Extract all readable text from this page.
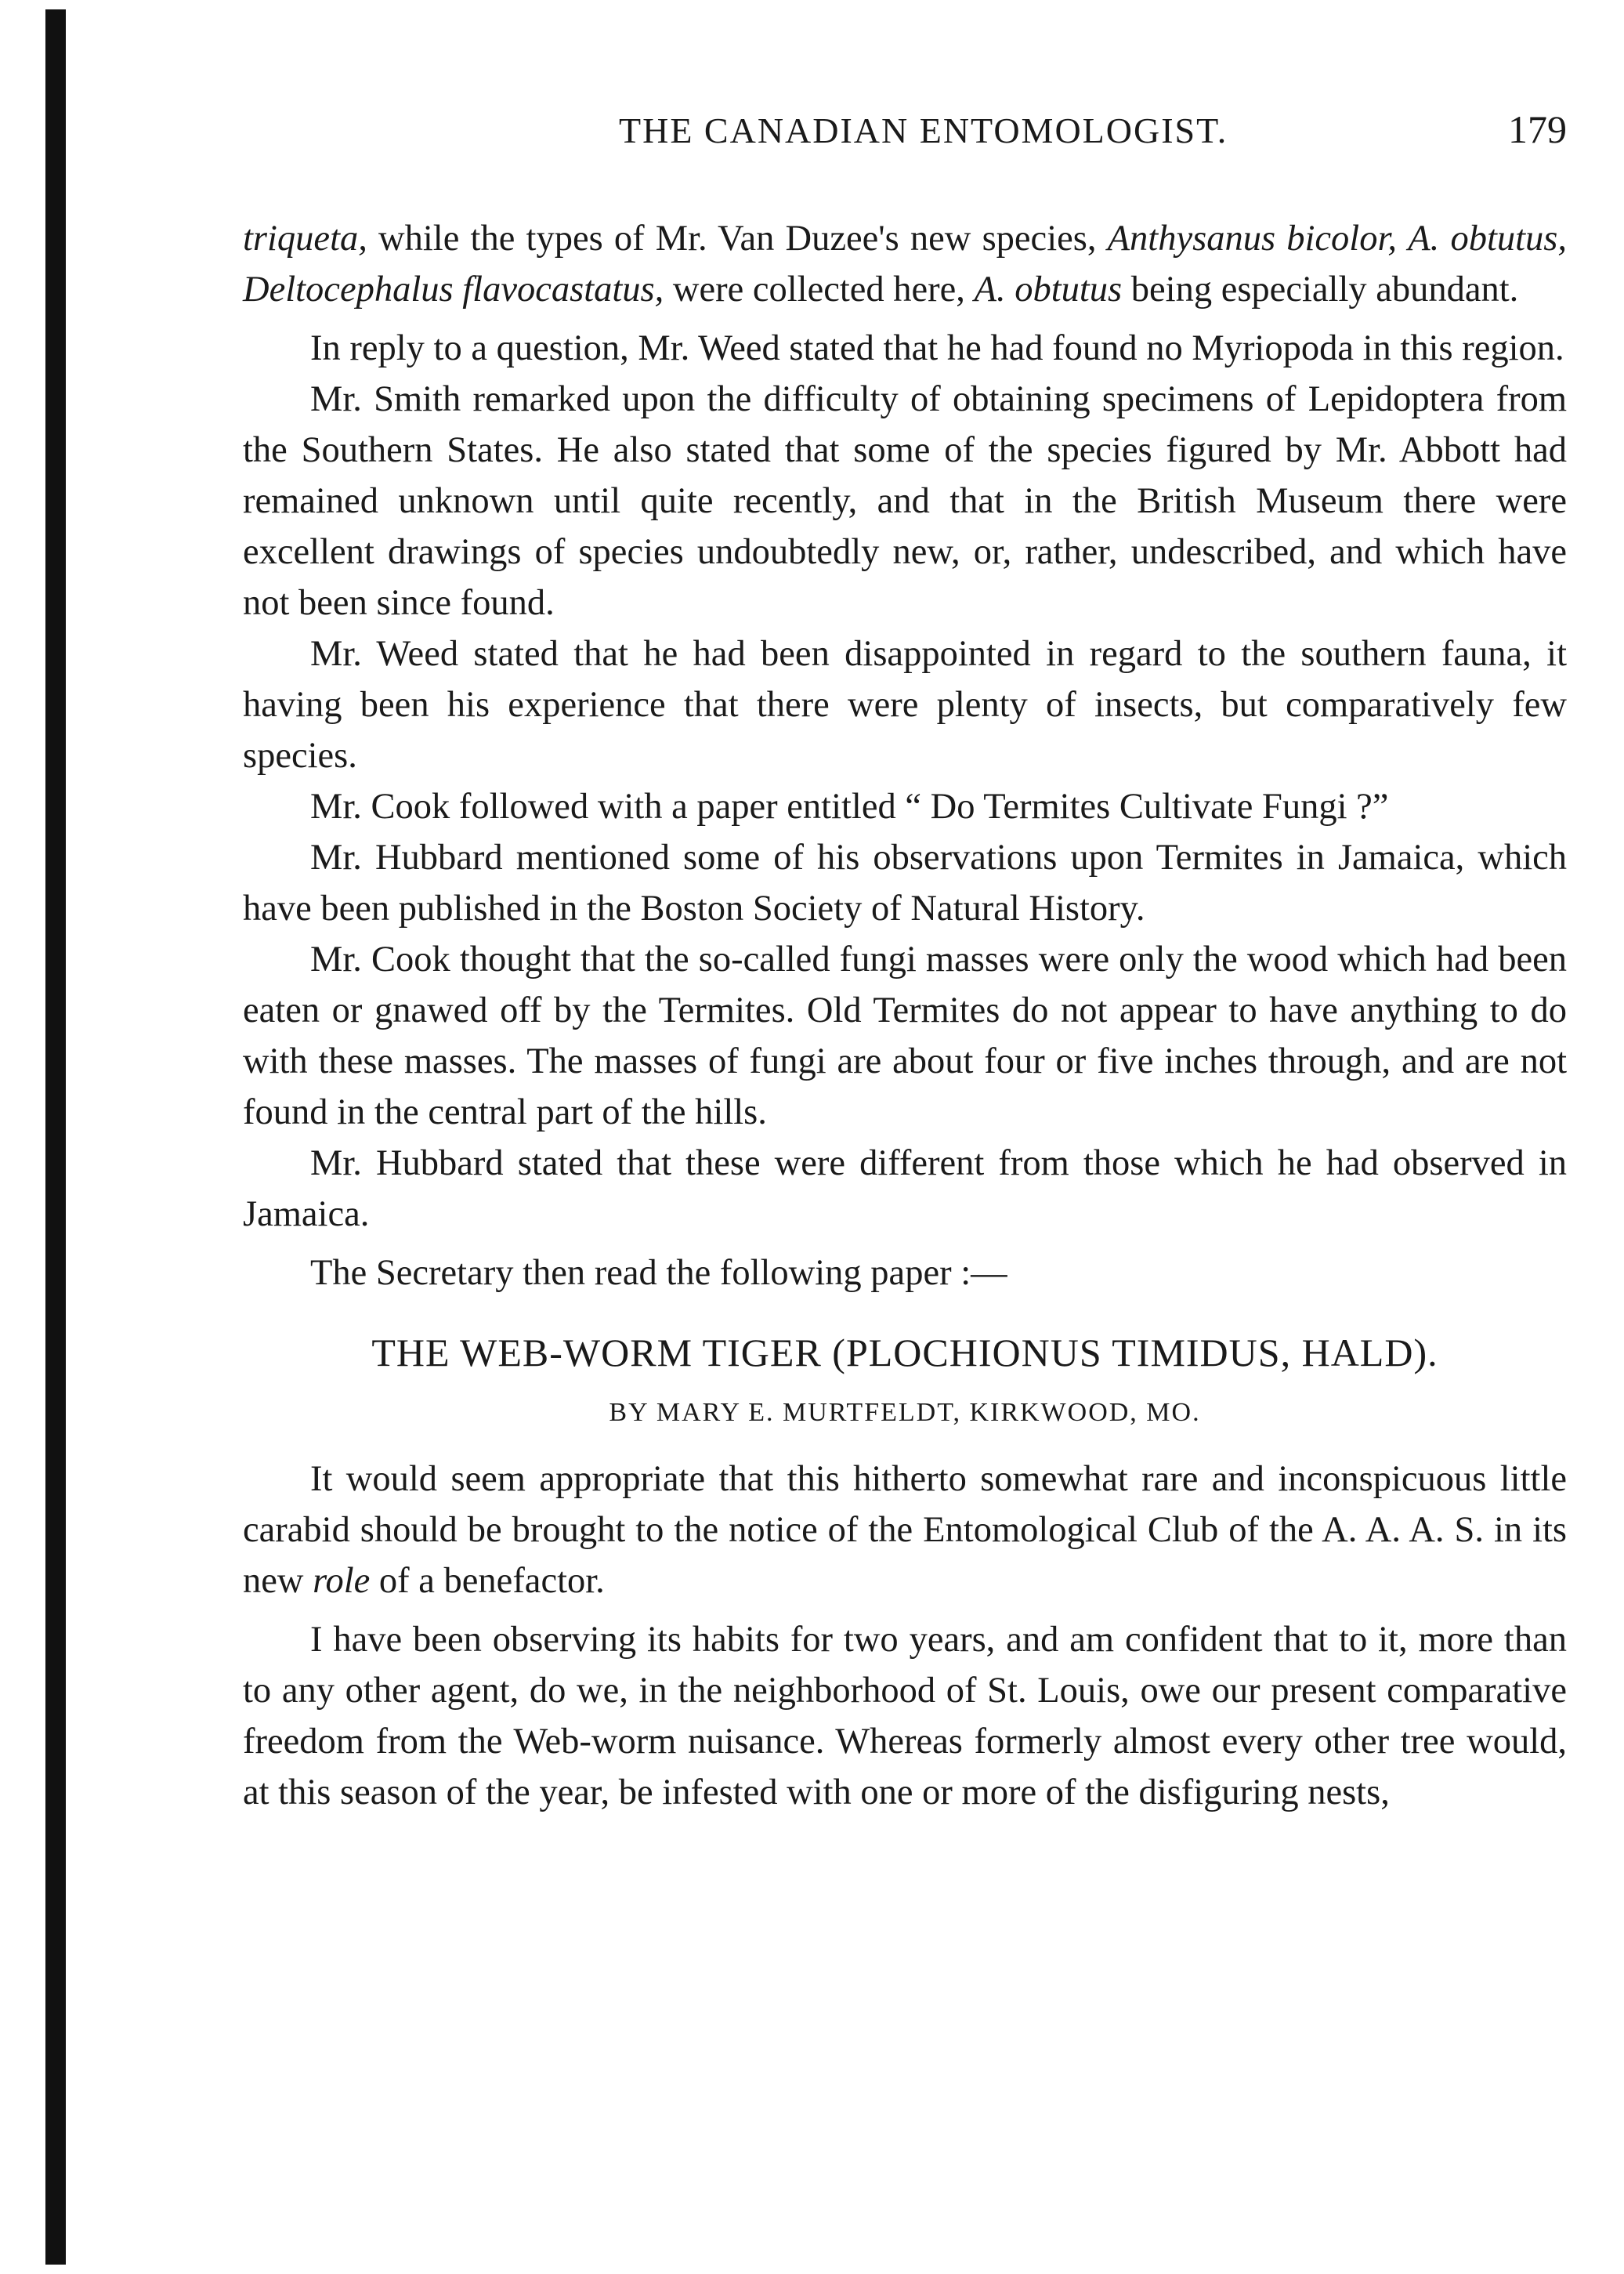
THE CANADIAN ENTOMOLOGIST.	179

triqueta, while the types of Mr. Van Duzee's new species, Anthysanus bicolor, A. obtutus, Deltocephalus flavocastatus, were collected here, A. obtutus being especially abundant.

In reply to a question, Mr. Weed stated that he had found no Myriopoda in this region.

Mr. Smith remarked upon the difficulty of obtaining specimens of Lepidoptera from the Southern States. He also stated that some of the species figured by Mr. Abbott had remained unknown until quite recently, and that in the British Museum there were excellent drawings of species undoubtedly new, or, rather, undescribed, and which have not been since found.

Mr. Weed stated that he had been disappointed in regard to the southern fauna, it having been his experience that there were plenty of insects, but comparatively few species.

Mr. Cook followed with a paper entitled “ Do Termites Cultivate Fungi ?”

Mr. Hubbard mentioned some of his observations upon Termites in Jamaica, which have been published in the Boston Society of Natural History.

Mr. Cook thought that the so-called fungi masses were only the wood which had been eaten or gnawed off by the Termites. Old Termites do not appear to have anything to do with these masses. The masses of fungi are about four or five inches through, and are not found in the central part of the hills.

Mr. Hubbard stated that these were different from those which he had observed in Jamaica.

The Secretary then read the following paper :—

THE WEB-WORM TIGER (PLOCHIONUS TIMIDUS, HALD).
BY MARY E. MURTFELDT, KIRKWOOD, MO.

It would seem appropriate that this hitherto somewhat rare and inconspicuous little carabid should be brought to the notice of the Entomological Club of the A. A. A. S. in its new role of a benefactor.

I have been observing its habits for two years, and am confident that to it, more than to any other agent, do we, in the neighborhood of St. Louis, owe our present comparative freedom from the Web-worm nuisance. Whereas formerly almost every other tree would, at this season of the year, be infested with one or more of the disfiguring nests,
